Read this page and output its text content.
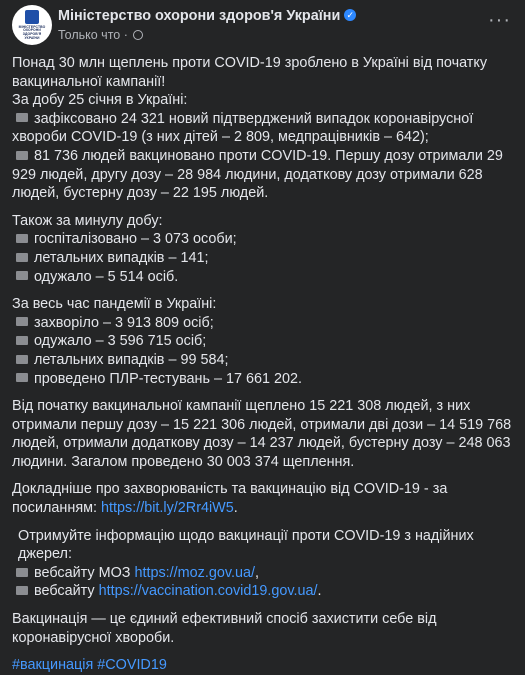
МІНІСТЕРСТВО ОХОРОНИ ЗДОРОВ'Я УКРАЇНИ
Міністерство охорони здоров'я України ✓
Только что ·
···
Понад 30 млн щеплень проти COVID-19 зроблено в Україні від початку вакцинальної кампанії!
За добу 25 січня в Україні:
зафіксовано 24 321 новий підтверджений випадок коронавірусної хвороби COVID-19 (з них дітей – 2 809, медпрацівників – 642);
81 736 людей вакциновано проти COVID-19. Першу дозу отримали 29 929 людей, другу дозу – 28 984 людини, додаткову дозу отримали 628 людей, бустерну дозу – 22 195 людей.
Також за минулу добу:
госпіталізовано – 3 073 особи;
летальних випадків – 141;
одужало – 5 514 осіб.
За весь час пандемії в Україні:
захворіло – 3 913 809 осіб;
одужало – 3 596 715 осіб;
летальних випадків – 99 584;
проведено ПЛР-тестувань – 17 661 202.
Від початку вакцинальної кампанії щеплено 15 221 308 людей, з них отримали першу дозу – 15 221 306 людей, отримали дві дози – 14 519 768 людей, отримали додаткову дозу – 14 237 людей, бустерну дозу – 248 063 людини. Загалом проведено 30 003 374 щеплення.
Докладніше про захворюваність та вакцинацію від COVID-19 - за посиланням: https://bit.ly/2Rr4iW5.
Отримуйте інформацію щодо вакцинації проти COVID-19 з надійних джерел:
вебсайту МОЗ https://moz.gov.ua/,
вебсайту https://vaccination.covid19.gov.ua/.
Вакцинація — це єдиний ефективний спосіб захистити себе від коронавірусної хвороби.
#вакцинація #COVID19
